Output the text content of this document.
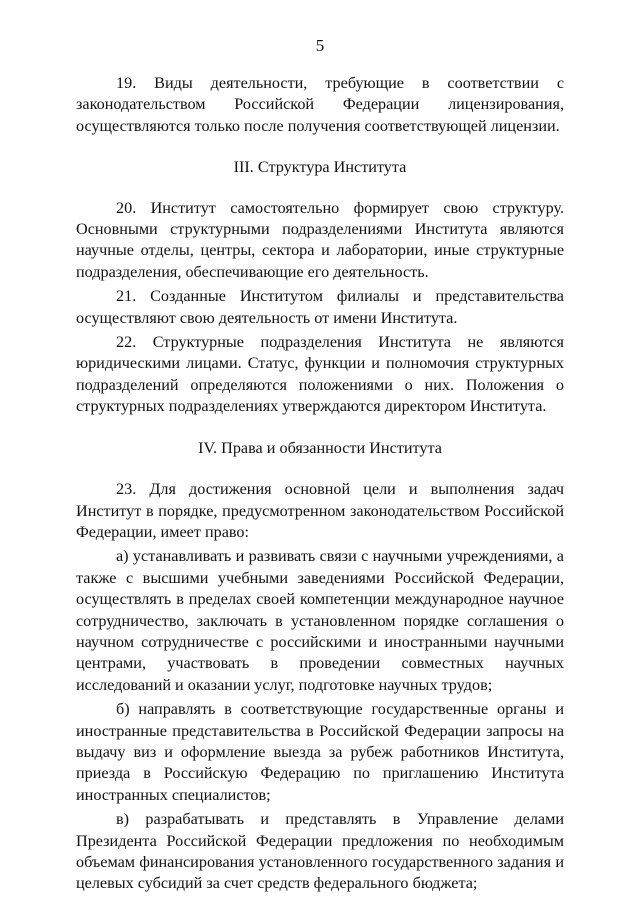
5

19. Виды деятельности, требующие в соответствии с законодательством Российской Федерации лицензирования, осуществляются только после получения соответствующей лицензии.

III. Структура Института

20. Институт самостоятельно формирует свою структуру. Основными структурными подразделениями Института являются научные отделы, центры, сектора и лаборатории, иные структурные подразделения, обеспечивающие его деятельность.

21. Созданные Институтом филиалы и представительства осуществляют свою деятельность от имени Института.

22. Структурные подразделения Института не являются юридическими лицами. Статус, функции и полномочия структурных подразделений определяются положениями о них. Положения о структурных подразделениях утверждаются директором Института.

IV. Права и обязанности Института

23. Для достижения основной цели и выполнения задач Институт в порядке, предусмотренном законодательством Российской Федерации, имеет право:

а) устанавливать и развивать связи с научными учреждениями, а также с высшими учебными заведениями Российской Федерации, осуществлять в пределах своей компетенции международное научное сотрудничество, заключать в установленном порядке соглашения о научном сотрудничестве с российскими и иностранными научными центрами, участвовать в проведении совместных научных исследований и оказании услуг, подготовке научных трудов;

б) направлять в соответствующие государственные органы и иностранные представительства в Российской Федерации запросы на выдачу виз и оформление выезда за рубеж работников Института, приезда в Российскую Федерацию по приглашению Института иностранных специалистов;

в) разрабатывать и представлять в Управление делами Президента Российской Федерации предложения по необходимым объемам финансирования установленного государственного задания и целевых субсидий за счет средств федерального бюджета;
